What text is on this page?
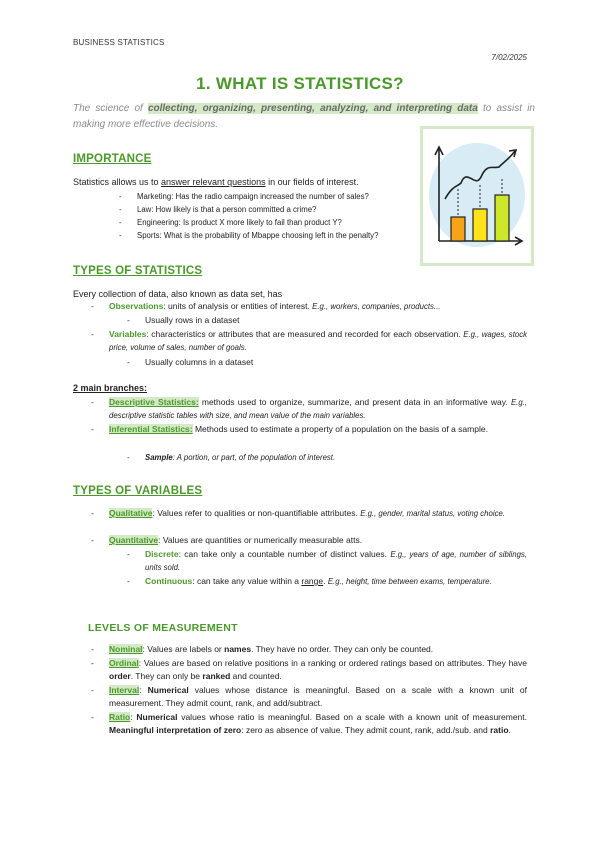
BUSINESS STATISTICS
7/02/2025
1. WHAT IS STATISTICS?
The science of collecting, organizing, presenting, analyzing, and interpreting data to assist in making more effective decisions.
IMPORTANCE
Statistics allows us to answer relevant questions in our fields of interest.
- Marketing: Has the radio campaign increased the number of sales?
- Law: How likely is that a person committed a crime?
- Engineering: Is product X more likely to fail than product Y?
- Sports: What is the probability of Mbappe choosing left in the penalty?
TYPES OF STATISTICS
Every collection of data, also known as data set, has
- Observations: units of analysis or entities of interest. E.g., workers, companies, products...
- Usually rows in a dataset
- Variables: characteristics or attributes that are measured and recorded for each observation. E.g., wages, stock price, volume of sales, number of goals.
- Usually columns in a dataset
2 main branches:
- Descriptive Statistics: methods used to organize, summarize, and present data in an informative way. E.g., descriptive statistic tables with size, and mean value of the main variables.
- Inferential Statistics: Methods used to estimate a property of a population on the basis of a sample.
- Sample: A portion, or part, of the population of interest.
TYPES OF VARIABLES
- Qualitative: Values refer to qualities or non-quantifiable attributes. E.g., gender, marital status, voting choice.
- Quantitative: Values are quantities or numerically measurable atts.
- Discrete: can take only a countable number of distinct values. E.g., years of age, number of siblings, units sold.
- Continuous: can take any value within a range. E.g., height, time between exams, temperature.
LEVELS OF MEASUREMENT
- Nominal: Values are labels or names. They have no order. They can only be counted.
- Ordinal: Values are based on relative positions in a ranking or ordered ratings based on attributes. They have order. They can only be ranked and counted.
- Interval: Numerical values whose distance is meaningful. Based on a scale with a known unit of measurement. They admit count, rank, and add/subtract.
- Ratio: Numerical values whose ratio is meaningful. Based on a scale with a known unit of measurement. Meaningful interpretation of zero: zero as absence of value. They admit count, rank, add./sub. and ratio.
